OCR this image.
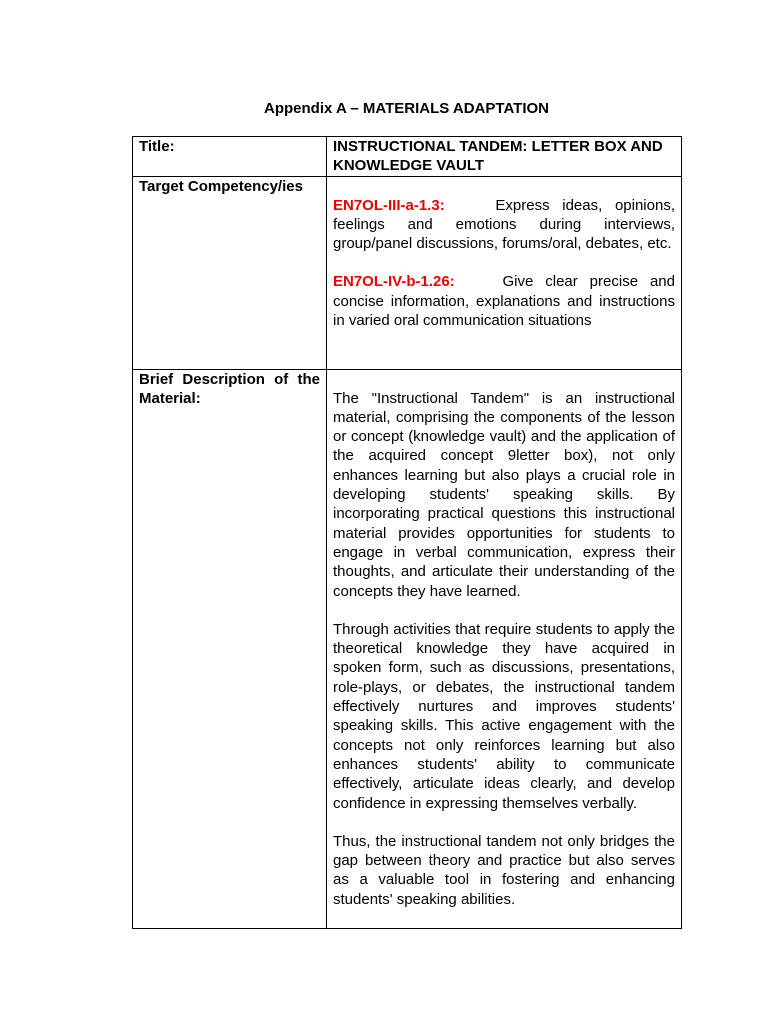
Appendix A – MATERIALS ADAPTATION
Title:	INSTRUCTIONAL TANDEM: LETTER BOX AND KNOWLEDGE VAULT
Target Competency/ies	EN7OL-III-a-1.3: Express ideas, opinions, feelings and emotions during interviews, group/panel discussions, forums/oral, debates, etc.

EN7OL-IV-b-1.26: Give clear precise and concise information, explanations and instructions in varied oral communication situations

Brief Description of the Material:	The "Instructional Tandem" is an instructional material, comprising the components of the lesson or concept (knowledge vault) and the application of the acquired concept 9letter box), not only enhances learning but also plays a crucial role in developing students' speaking skills. By incorporating practical questions this instructional material provides opportunities for students to engage in verbal communication, express their thoughts, and articulate their understanding of the concepts they have learned.

Through activities that require students to apply the theoretical knowledge they have acquired in spoken form, such as discussions, presentations, role-plays, or debates, the instructional tandem effectively nurtures and improves students' speaking skills. This active engagement with the concepts not only reinforces learning but also enhances students' ability to communicate effectively, articulate ideas clearly, and develop confidence in expressing themselves verbally.

Thus, the instructional tandem not only bridges the gap between theory and practice but also serves as a valuable tool in fostering and enhancing students' speaking abilities.
